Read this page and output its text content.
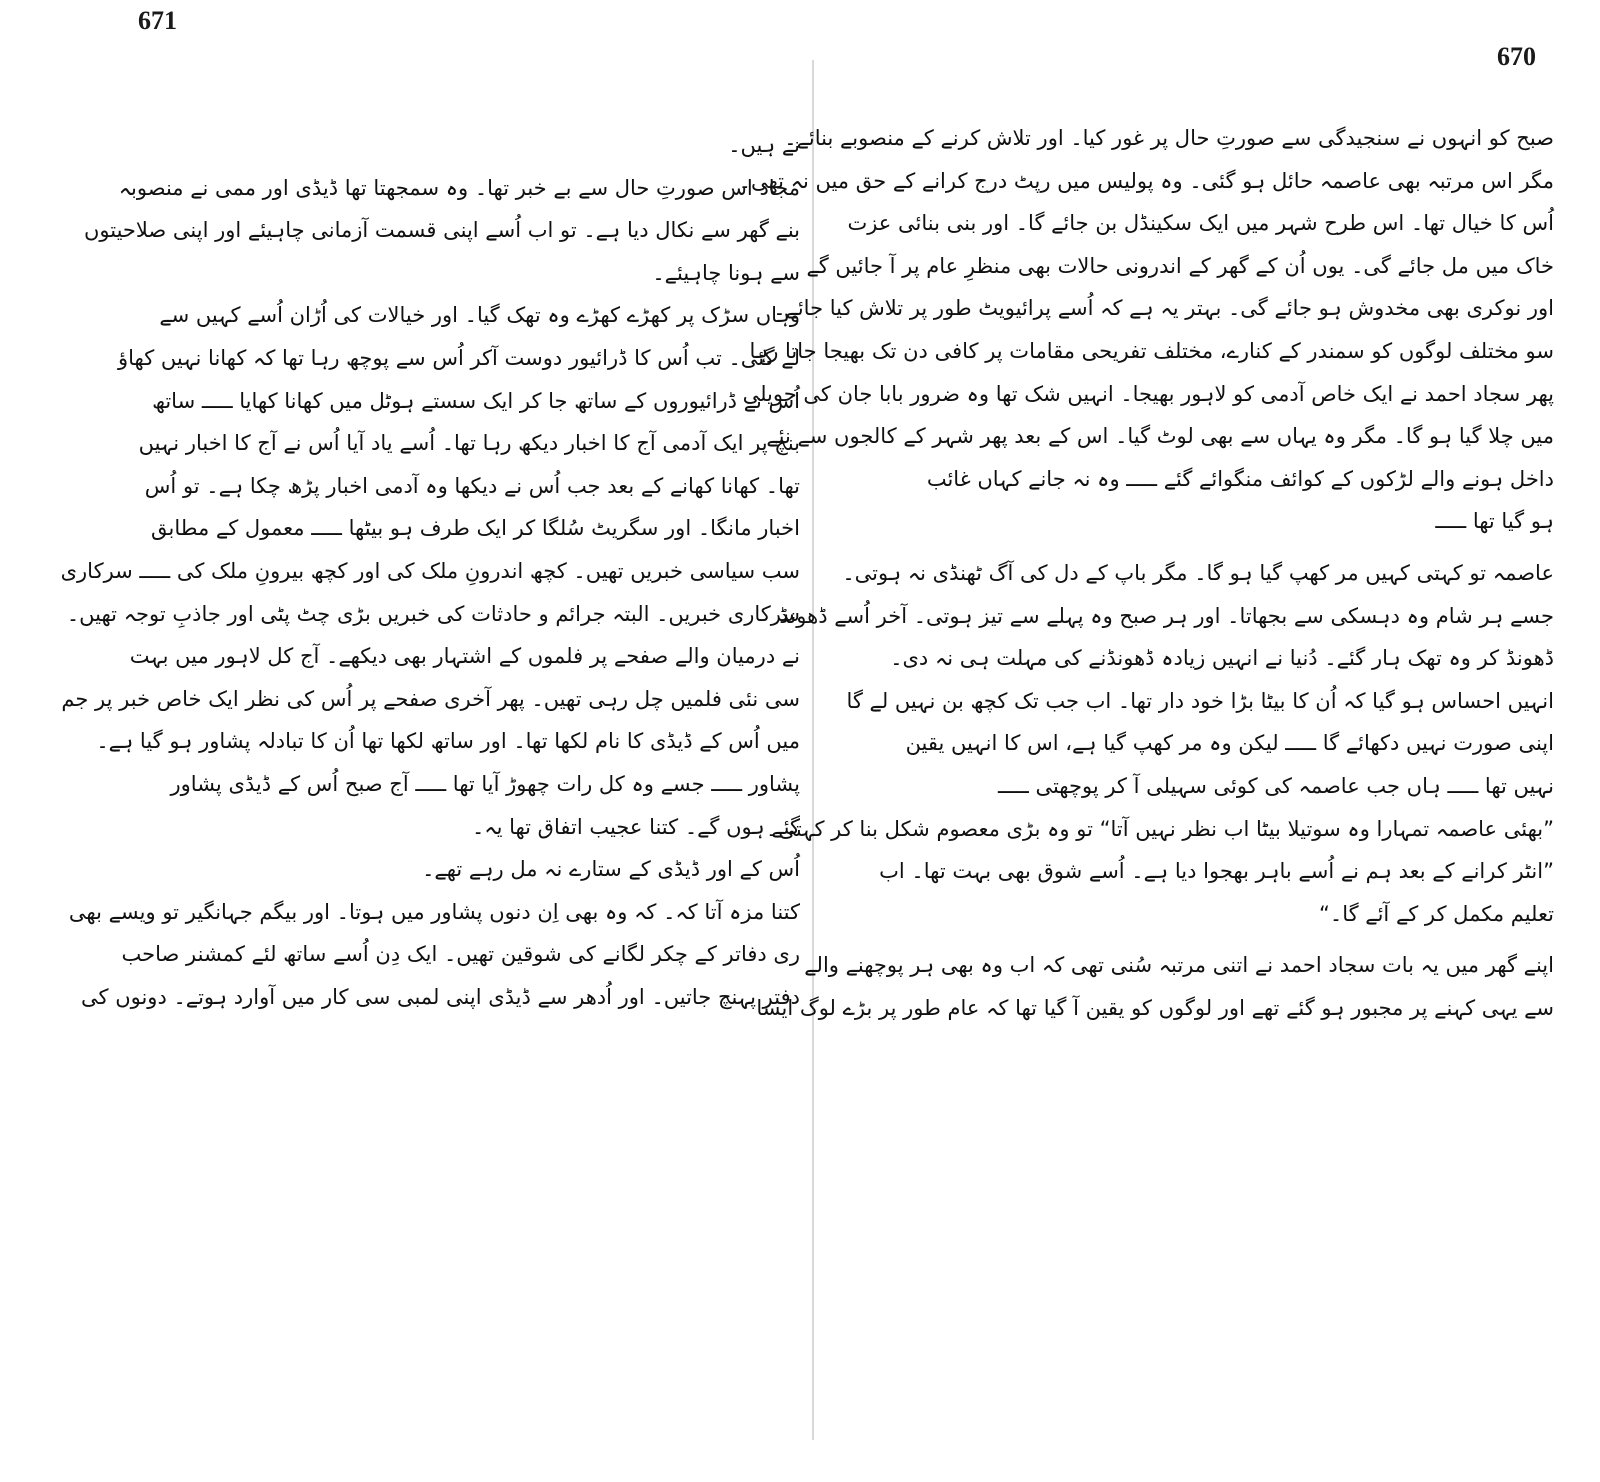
671
670
نے ہیں۔
مجاد اس صورتِ حال سے بے خبر تھا۔ وہ سمجھتا تھا ڈیڈی اور ممی نے منصوبہ
بنے گھر سے نکال دیا ہے۔ تو اب اُسے اپنی قسمت آزمانی چاہیئے اور اپنی صلاحیتوں
سے ہونا چاہیئے۔
وہاں سڑک پر کھڑے کھڑے وہ تھک گیا۔ اور خیالات کی اُڑان اُسے کہیں سے
لے گئی۔ تب اُس کا ڈرائیور دوست آکر اُس سے پوچھ رہا تھا کہ کھانا نہیں کھاؤ
اُس نے ڈرائیوروں کے ساتھ جا کر ایک سستے ہوٹل میں کھانا کھایا ـــــ ساتھ
بنچ پر ایک آدمی آج کا اخبار دیکھ رہا تھا۔ اُسے یاد آیا اُس نے آج کا اخبار نہیں
تھا۔ کھانا کھانے کے بعد جب اُس نے دیکھا وہ آدمی اخبار پڑھ چکا ہے۔ تو اُس
اخبار مانگا۔ اور سگریٹ سُلگا کر ایک طرف ہو بیٹھا ـــــ معمول کے مطابق
سب سیاسی خبریں تھیں۔ کچھ اندرونِ ملک کی اور کچھ بیرونِ ملک کی ـــــ سرکاری
سرکاری خبریں۔ البتہ جرائم و حادثات کی خبریں بڑی چٹ پٹی اور جاذبِ توجہ تھیں۔
نے درمیان والے صفحے پر فلموں کے اشتہار بھی دیکھے۔ آج کل لاہور میں بہت
سی نئی فلمیں چل رہی تھیں۔ پھر آخری صفحے پر اُس کی نظر ایک خاص خبر پر جم
میں اُس کے ڈیڈی کا نام لکھا تھا۔ اور ساتھ لکھا تھا اُن کا تبادلہ پشاور ہو گیا ہے۔
پشاور ـــــ جسے وہ کل رات چھوڑ آیا تھا ـــــ آج صبح اُس کے ڈیڈی پشاور
گئے ہوں گے۔ کتنا عجیب اتفاق تھا یہ۔
اُس کے اور ڈیڈی کے ستارے نہ مل رہے تھے۔
کتنا مزہ آتا کہ۔ کہ وہ بھی اِن دنوں پشاور میں ہوتا۔ اور بیگم جہانگیر تو ویسے بھی
ری دفاتر کے چکر لگانے کی شوقین تھیں۔ ایک دِن اُسے ساتھ لئے کمشنر صاحب
دفتر پہنچ جاتیں۔ اور اُدھر سے ڈیڈی اپنی لمبی سی کار میں آوارد ہوتے۔ دونوں کی
صبح کو انہوں نے سنجیدگی سے صورتِ حال پر غور کیا۔ اور تلاش کرنے کے منصوبے بنائے۔
مگر اس مرتبہ بھی عاصمہ حائل ہو گئی۔ وہ پولیس میں رپٹ درج کرانے کے حق میں نہ تھی۔
اُس کا خیال تھا۔ اس طرح شہر میں ایک سکینڈل بن جائے گا۔ اور بنی بنائی عزت
خاک میں مل جائے گی۔ یوں اُن کے گھر کے اندرونی حالات بھی منظرِ عام پر آ جائیں گے
اور نوکری بھی مخدوش ہو جائے گی۔ بہتر یہ ہے کہ اُسے پرائیویٹ طور پر تلاش کیا جائے۔
سو مختلف لوگوں کو سمندر کے کنارے، مختلف تفریحی مقامات پر کافی دن تک بھیجا جاتا رہا
پھر سجاد احمد نے ایک خاص آدمی کو لاہور بھیجا۔ انہیں شک تھا وہ ضرور بابا جان کی حویلی
میں چلا گیا ہو گا۔ مگر وہ یہاں سے بھی لوٹ گیا۔ اس کے بعد پھر شہر کے کالجوں سے نئے
داخل ہونے والے لڑکوں کے کوائف منگوائے گئے ـــــ وہ نہ جانے کہاں غائب
ہو گیا تھا ـــــ
عاصمہ تو کہتی کہیں مر کھپ گیا ہو گا۔ مگر باپ کے دل کی آگ ٹھنڈی نہ ہوتی۔
جسے ہر شام وہ دہسکی سے بجھاتا۔ اور ہر صبح وہ پہلے سے تیز ہوتی۔ آخر اُسے ڈھونڈ
ڈھونڈ کر وہ تھک ہار گئے۔ دُنیا نے انہیں زیادہ ڈھونڈنے کی مہلت ہی نہ دی۔
انہیں احساس ہو گیا کہ اُن کا بیٹا بڑا خود دار تھا۔ اب جب تک کچھ بن نہیں لے گا
اپنی صورت نہیں دکھائے گا ـــــ لیکن وہ مر کھپ گیا ہے، اس کا انہیں یقین
نہیں تھا ـــــ ہاں جب عاصمہ کی کوئی سہیلی آ کر پوچھتی ـــــ
”بھئی عاصمہ تمہارا وہ سوتیلا بیٹا اب نظر نہیں آتا“ تو وہ بڑی معصوم شکل بنا کر کہتی۔
”انٹر کرانے کے بعد ہم نے اُسے باہر بھجوا دیا ہے۔ اُسے شوق بھی بہت تھا۔ اب
تعلیم مکمل کر کے آئے گا۔“
اپنے گھر میں یہ بات سجاد احمد نے اتنی مرتبہ سُنی تھی کہ اب وہ بھی ہر پوچھنے والے
سے یہی کہنے پر مجبور ہو گئے تھے اور لوگوں کو یقین آ گیا تھا کہ عام طور پر بڑے لوگ ایسا
